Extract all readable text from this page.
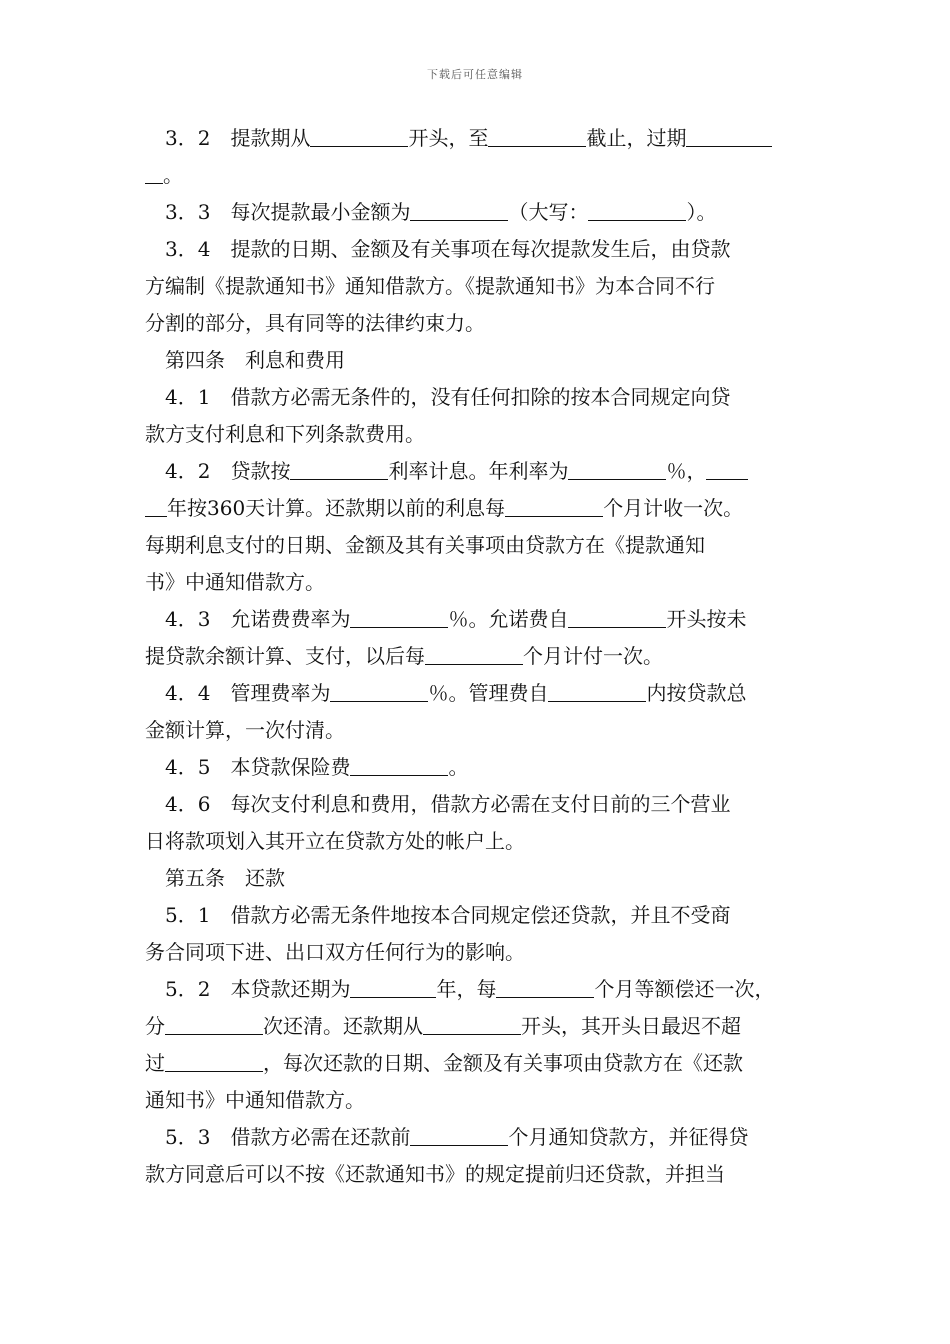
下载后可任意编辑
3．2　提款期从	开头，至	截止，过期
。
3．3　每次提款最小金额为	（大写：	）。
3．4　提款的日期、金额及有关事项在每次提款发生后，由贷款
方编制《提款通知书》通知借款方。《提款通知书》为本合同不行
分割的部分，具有同等的法律约束力。
第四条　利息和费用
4．1　借款方必需无条件的，没有任何扣除的按本合同规定向贷
款方支付利息和下列条款费用。
4．2　贷款按	利率计息。年利率为	％，
年按360天计算。还款期以前的利息每	个月计收一次。
每期利息支付的日期、金额及其有关事项由贷款方在《提款通知
书》中通知借款方。
4．3　允诺费费率为	％。允诺费自	开头按未
提贷款余额计算、支付，以后每	个月计付一次。
4．4　管理费率为	％。管理费自	内按贷款总
金额计算，一次付清。
4．5　本贷款保险费	。
4．6　每次支付利息和费用，借款方必需在支付日前的三个营业
日将款项划入其开立在贷款方处的帐户上。
第五条　还款
5．1　借款方必需无条件地按本合同规定偿还贷款，并且不受商
务合同项下进、出口双方任何行为的影响。
5．2　本贷款还期为	年，每	个月等额偿还一次，
分	次还清。还款期从	开头，其开头日最迟不超
过	，每次还款的日期、金额及有关事项由贷款方在《还款
通知书》中通知借款方。
5．3　借款方必需在还款前	个月通知贷款方，并征得贷
款方同意后可以不按《还款通知书》的规定提前归还贷款，并担当
